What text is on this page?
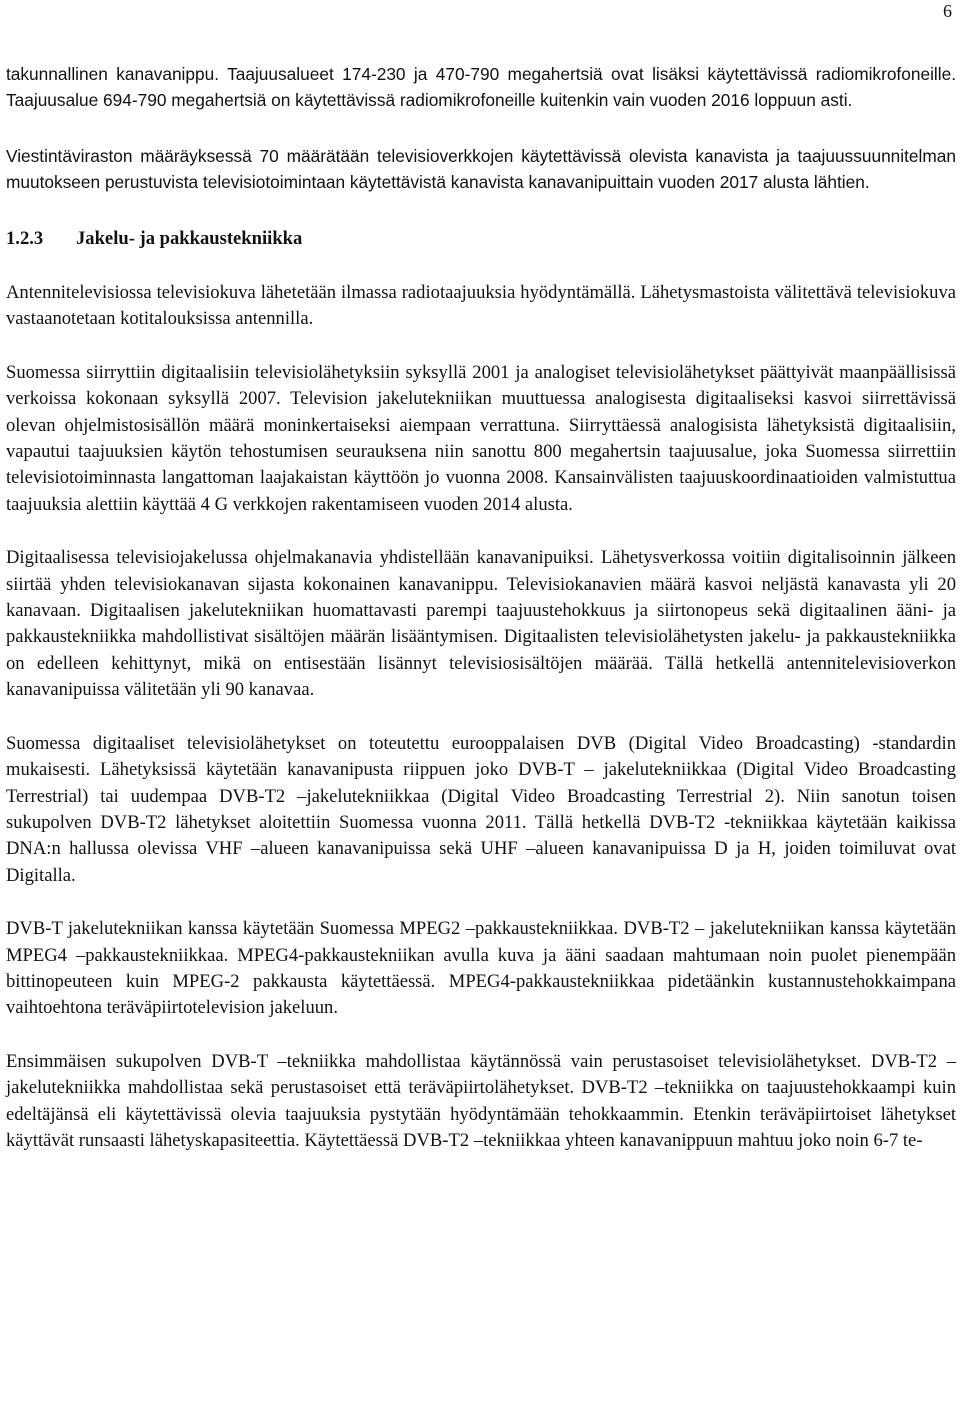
6

takunnallinen kanavanippu. Taajuusalueet 174-230 ja 470-790 megahertsiä ovat lisäksi käytettävissä radiomikrofoneille. Taajuusalue 694-790 megahertsiä on käytettävissä radiomikrofoneille kuitenkin vain vuoden 2016 loppuun asti.

Viestintäviraston määräyksessä 70 määrätään televisioverkkojen käytettävissä olevista kanavista ja taajuussuunnitelman muutokseen perustuvista televisiotoimintaan käytettävistä kanavista kanavanipuittain vuoden 2017 alusta lähtien.

1.2.3 Jakelu- ja pakkaustekniikka

Antennitelevisiossa televisiokuva lähetetään ilmassa radiotaajuuksia hyödyntämällä. Lähetysmastoista välitettävä televisiokuva vastaanotetaan kotitalouksissa antennilla.

Suomessa siirryttiin digitaalisiin televisiolähetyksiin syksyllä 2001 ja analogiset televisiolähetykset päättyivät maanpäällisissä verkoissa kokonaan syksyllä 2007. Television jakelutekniikan muuttuessa analogisesta digitaaliseksi kasvoi siirrettävissä olevan ohjelmistosisällön määrä moninkertaiseksi aiempaan verrattuna. Siirryttäessä analogisista lähetyksistä digitaalisiin, vapautui taajuuksien käytön tehostumisen seurauksena niin sanottu 800 megahertsin taajuusalue, joka Suomessa siirrettiin televisiotoiminnasta langattoman laajakaistan käyttöön jo vuonna 2008. Kansainvälisten taajuuskoordinaatioiden valmistuttua taajuuksia alettiin käyttää 4 G verkkojen rakentamiseen vuoden 2014 alusta.

Digitaalisessa televisiojakelussa ohjelmakanavia yhdistellään kanavanipuiksi. Lähetysverkossa voitiin digitalisoinnin jälkeen siirtää yhden televisiokanavan sijasta kokonainen kanavanippu. Televisiokanavien määrä kasvoi neljästä kanavasta yli 20 kanavaan. Digitaalisen jakelutekniikan huomattavasti parempi taajuustehokkuus ja siirtonopeus sekä digitaalinen ääni- ja pakkaustekniikka mahdollistivat sisältöjen määrän lisääntymisen. Digitaalisten televisiolähetysten jakelu- ja pakkaustekniikka on edelleen kehittynyt, mikä on entisestään lisännyt televisiosisältöjen määrää. Tällä hetkellä antennitelevisioverkon kanavanipuissa välitetään yli 90 kanavaa.

Suomessa digitaaliset televisiolähetykset on toteutettu eurooppalaisen DVB (Digital Video Broadcasting) -standardin mukaisesti. Lähetyksissä käytetään kanavanipusta riippuen joko DVB-T – jakelutekniikkaa (Digital Video Broadcasting Terrestrial) tai uudempaa DVB-T2 –jakelutekniikkaa (Digital Video Broadcasting Terrestrial 2). Niin sanotun toisen sukupolven DVB-T2 lähetykset aloitettiin Suomessa vuonna 2011. Tällä hetkellä DVB-T2 -tekniikkaa käytetään kaikissa DNA:n hallussa olevissa VHF –alueen kanavanipuissa sekä UHF –alueen kanavanipuissa D ja H, joiden toimiluvat ovat Digitalla.

DVB-T jakelutekniikan kanssa käytetään Suomessa MPEG2 –pakkaustekniikkaa. DVB-T2 – jakelutekniikan kanssa käytetään MPEG4 –pakkaustekniikkaa. MPEG4-pakkaustekniikan avulla kuva ja ääni saadaan mahtumaan noin puolet pienempään bittinopeuteen kuin MPEG-2 pakkausta käytettäessä. MPEG4-pakkaustekniikkaa pidetäänkin kustannustehokkaimpana vaihtoehtona teräväpiirtotelevision jakeluun.

Ensimmäisen sukupolven DVB-T –tekniikka mahdollistaa käytännössä vain perustasoiset televisiolähetykset. DVB-T2 –jakelutekniikka mahdollistaa sekä perustasoiset että teräväpiirtolähetykset. DVB-T2 –tekniikka on taajuustehokkaampi kuin edeltäjänsä eli käytettävissä olevia taajuuksia pystytään hyödyntämään tehokkaammin. Etenkin teräväpiirtoiset lähetykset käyttävät runsaasti lähetyskapasiteettia. Käytettäessä DVB-T2 –tekniikkaa yhteen kanavanippuun mahtuu joko noin 6-7 te-
